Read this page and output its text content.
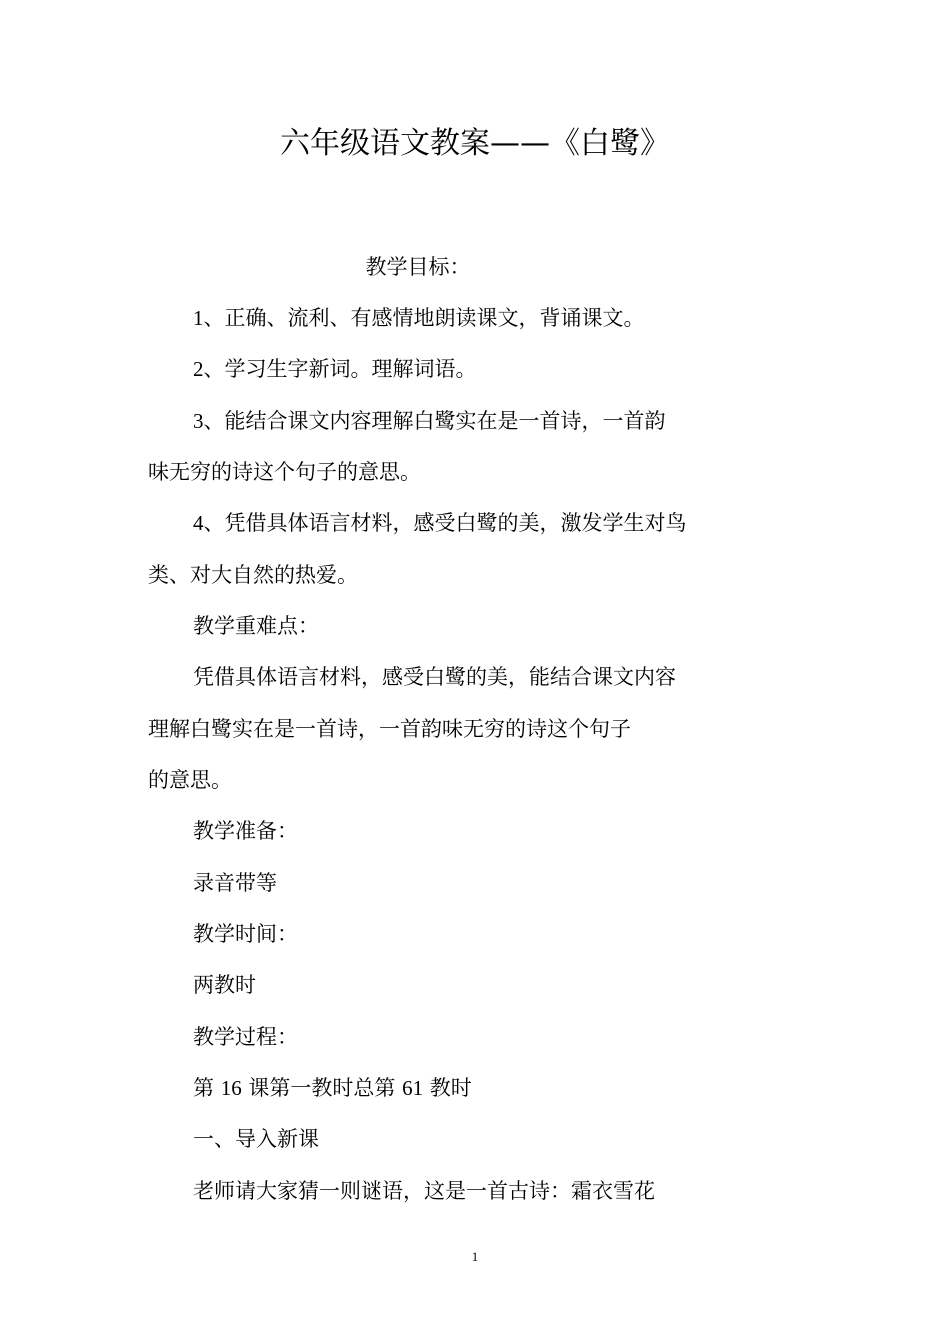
六年级语文教案——《白鹭》
教学目标：
1、正确、流利、有感情地朗读课文，背诵课文。
2、学习生字新词。理解词语。
3、能结合课文内容理解白鹭实在是一首诗，一首韵
味无穷的诗这个句子的意思。
4、凭借具体语言材料，感受白鹭的美，激发学生对鸟
类、对大自然的热爱。
教学重难点：
凭借具体语言材料，感受白鹭的美，能结合课文内容
理解白鹭实在是一首诗，一首韵味无穷的诗这个句子
的意思。
教学准备：
录音带等
教学时间：
两教时
教学过程：
第 16 课第一教时总第 61 教时
一、导入新课
老师请大家猜一则谜语，这是一首古诗：霜衣雪花
1
